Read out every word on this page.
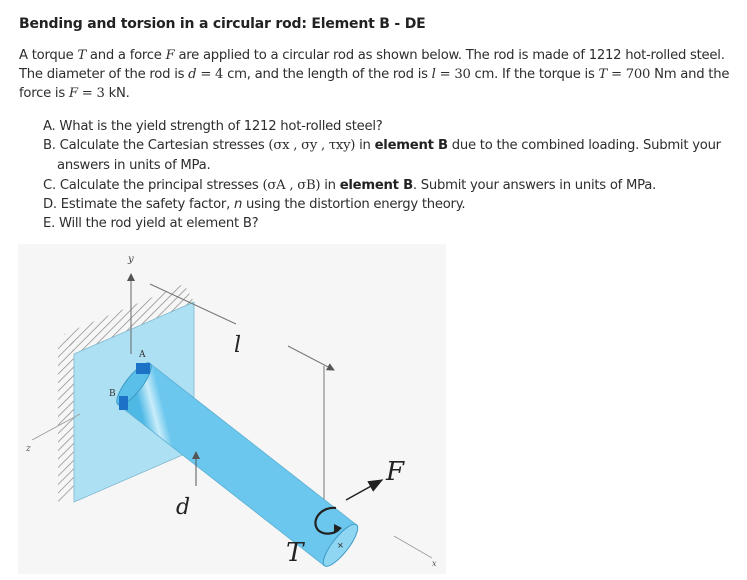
Bending and torsion in a circular rod: Element B - DE
A torque T and a force F are applied to a circular rod as shown below. The rod is made of 1212 hot-rolled steel. The diameter of the rod is d = 4 cm, and the length of the rod is l = 30 cm. If the torque is T = 700 Nm and the force is F = 3 kN.
A. What is the yield strength of 1212 hot-rolled steel?
B. Calculate the Cartesian stresses (σx , σy , τxy) in element B due to the combined loading. Submit your
answers in units of MPa.
C. Calculate the principal stresses (σA , σB) in element B. Submit your answers in units of MPa.
D. Estimate the safety factor, n using the distortion energy theory.
E. Will the rod yield at element B?
y
z
l
A
B
d
T
F
x
